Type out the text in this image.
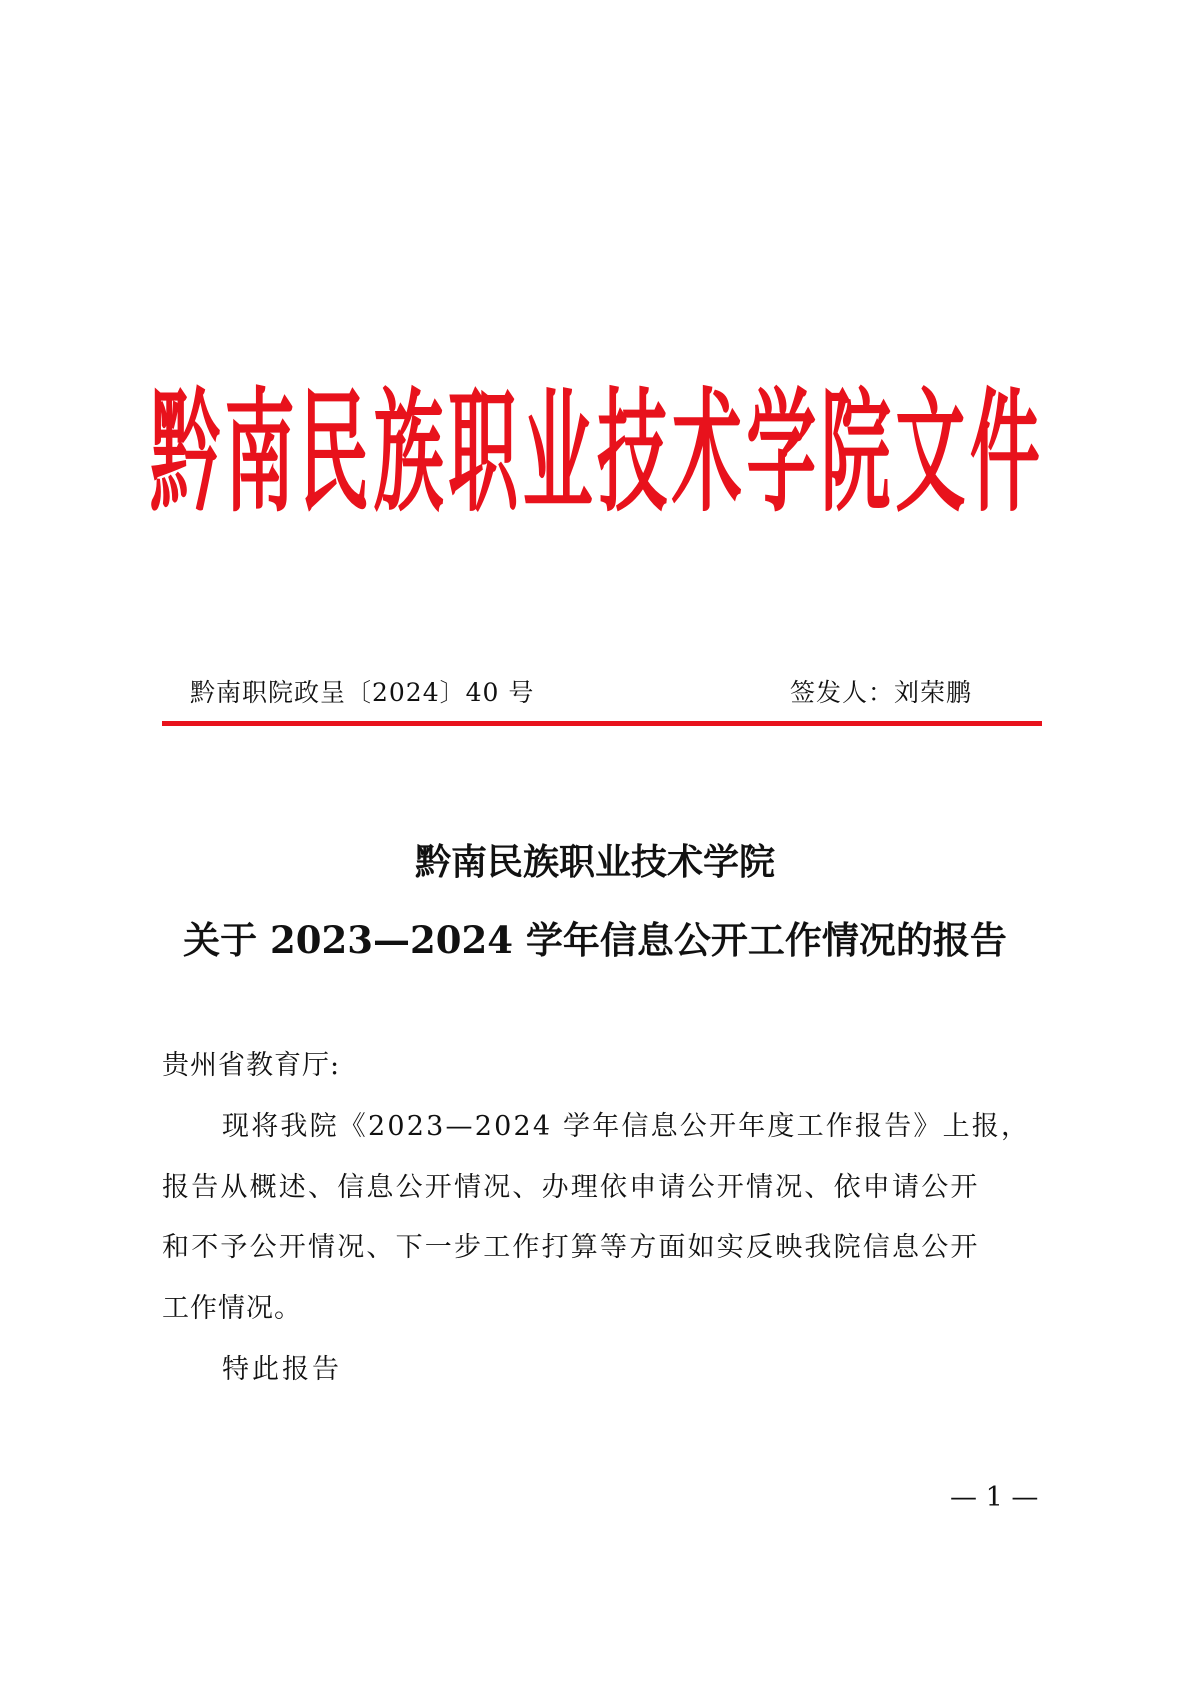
黔 南 民 族 职 业 技 术 学 院 文 件
黔南职院政呈〔2024〕40 号	签发人：刘荣鹏
黔南民族职业技术学院
关于 2023—2024 学年信息公开工作情况的报告
贵州省教育厅:
现将我院《2023—2024 学年信息公开年度工作报告》上报，
报告从概述、信息公开情况、办理依申请公开情况、依申请公开
和不予公开情况、下一步工作打算等方面如实反映我院信息公开
工作情况。
特此报告
— 1 —
